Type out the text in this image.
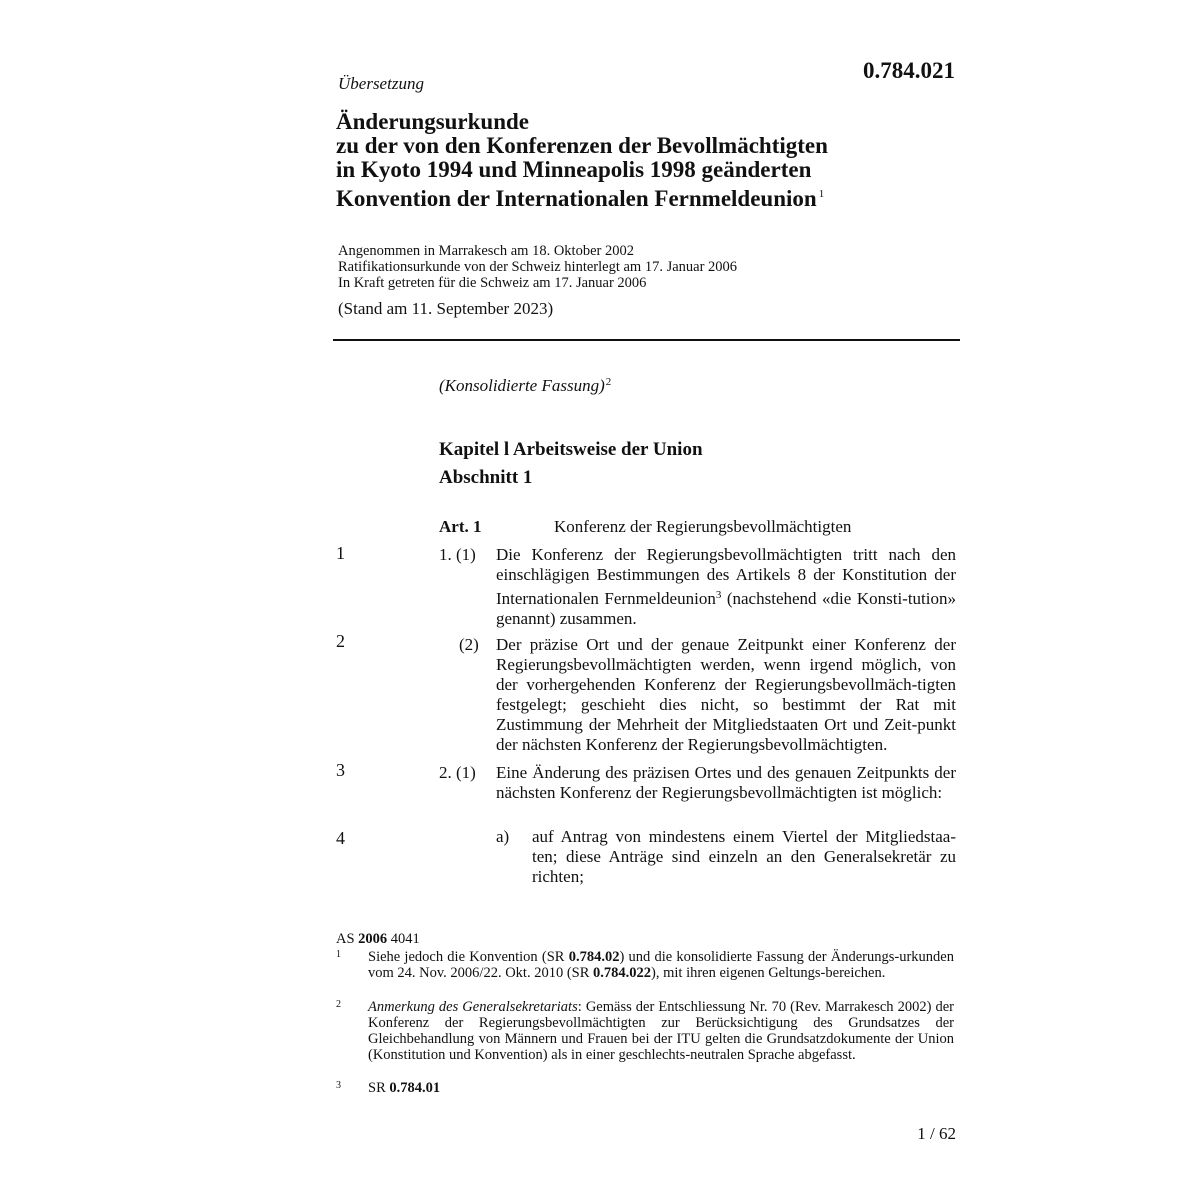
0.784.021
Übersetzung
Änderungsurkunde
zu der von den Konferenzen der Bevollmächtigten
in Kyoto 1994 und Minneapolis 1998 geänderten
Konvention der Internationalen Fernmeldeunion $^1$
Angenommen in Marrakesch am 18. Oktober 2002
Ratifikationsurkunde von der Schweiz hinterlegt am 17. Januar 2006
In Kraft getreten für die Schweiz am 17. Januar 2006
(Stand am 11. September 2023)
(Konsolidierte Fassung)$^2$
Kapitel l Arbeitsweise der Union
Abschnitt 1
Art. 1	Konferenz der Regierungsbevollmächtigten
1	1. (1) Die Konferenz der Regierungsbevollmächtigten tritt nach den einschlägigen Bestimmungen des Artikels 8 der Konstitution der Internationalen Fernmeldeunion$^3$ (nachstehend «die Konsti-tution» genannt) zusammen.
2	(2) Der präzise Ort und der genaue Zeitpunkt einer Konferenz der Regierungsbevollmächtigten werden, wenn irgend möglich, von der vorhergehenden Konferenz der Regierungsbevollmäch-tigten festgelegt; geschieht dies nicht, so bestimmt der Rat mit Zustimmung der Mehrheit der Mitgliedstaaten Ort und Zeit-punkt der nächsten Konferenz der Regierungsbevollmächtigten.
3	2. (1) Eine Änderung des präzisen Ortes und des genauen Zeitpunkts der nächsten Konferenz der Regierungsbevollmächtigten ist möglich:
4	a) auf Antrag von mindestens einem Viertel der Mitgliedstaa-ten; diese Anträge sind einzeln an den Generalsekretär zu richten;
AS 2006 4041
1 Siehe jedoch die Konvention (SR 0.784.02) und die konsolidierte Fassung der Änderungs-urkunden vom 24. Nov. 2006/22. Okt. 2010 (SR 0.784.022), mit ihren eigenen Geltungs-bereichen.
2 Anmerkung des Generalsekretariats: Gemäss der Entschliessung Nr. 70 (Rev. Marrakesch 2002) der Konferenz der Regierungsbevollmächtigten zur Berücksichtigung des Grundsatzes der Gleichbehandlung von Männern und Frauen bei der ITU gelten die Grundsatzdokumente der Union (Konstitution und Konvention) als in einer geschlechts-neutralen Sprache abgefasst.
3 SR 0.784.01
1 / 62
